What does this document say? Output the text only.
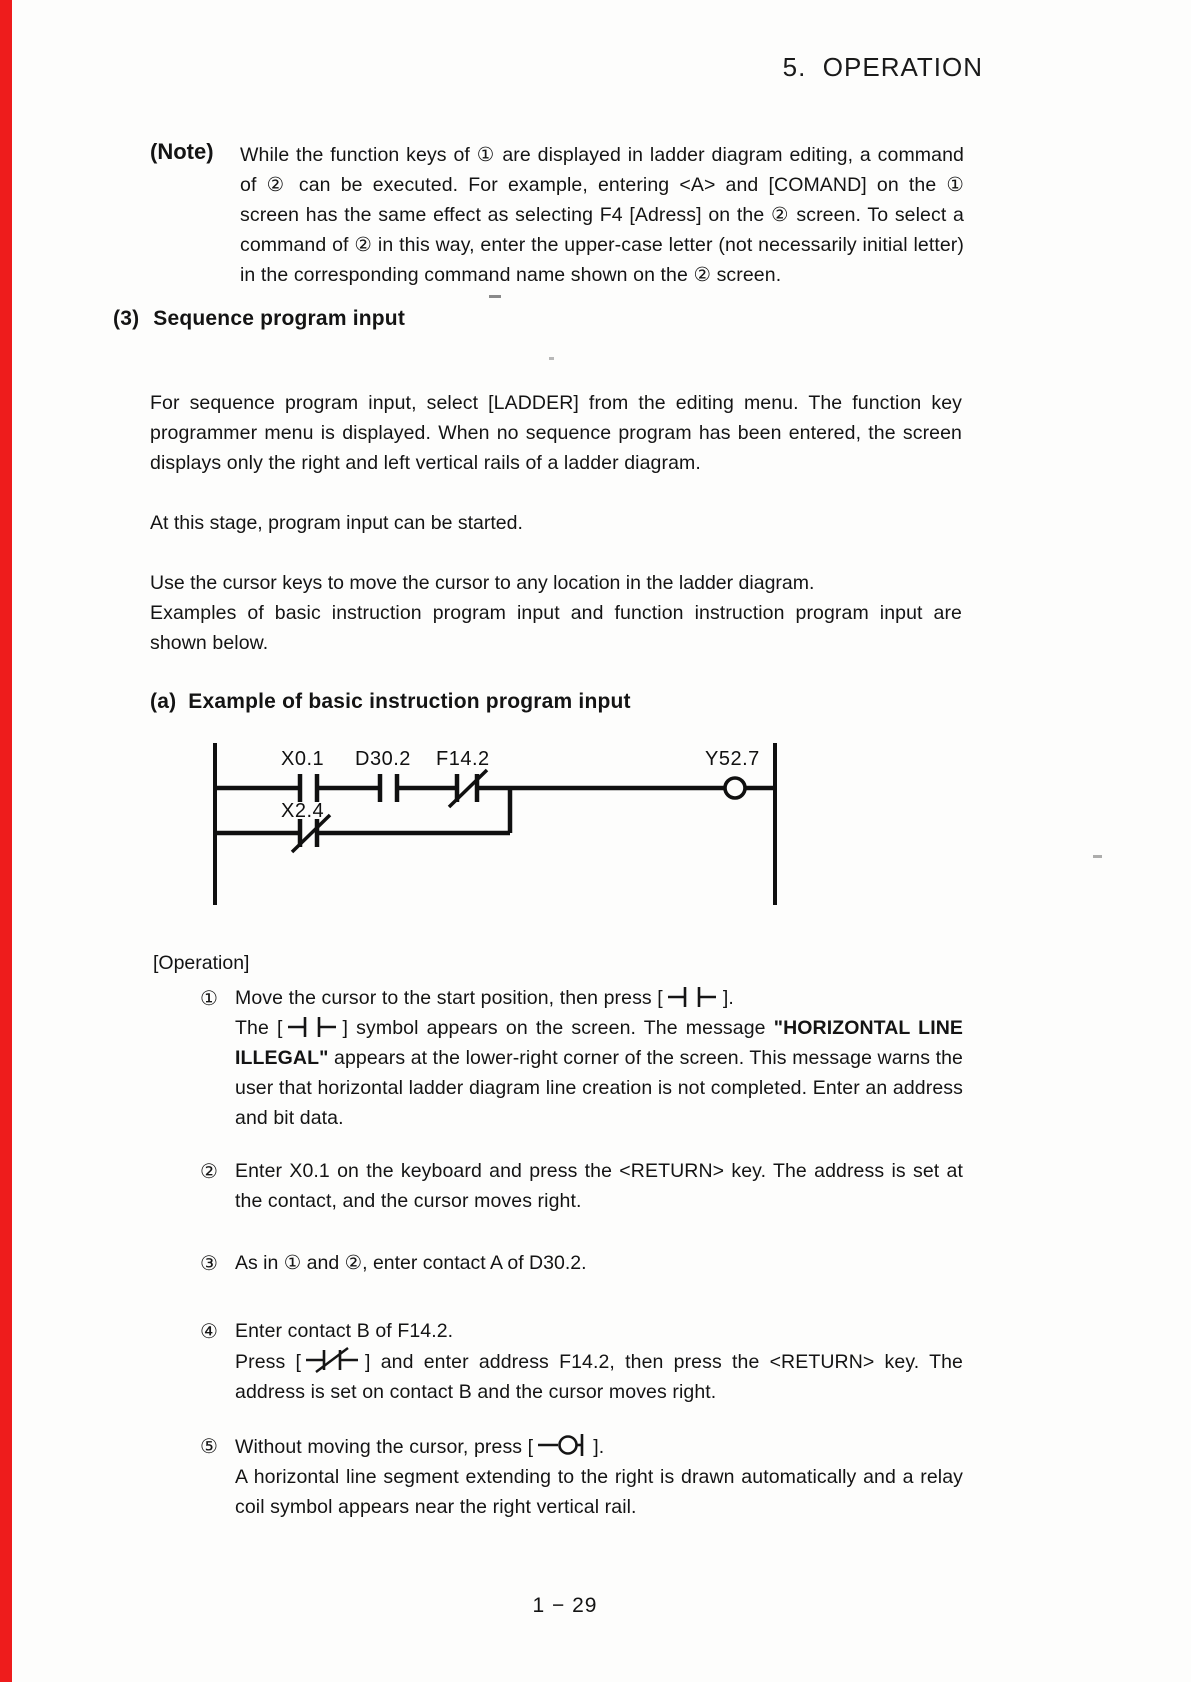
5.  OPERATION
(Note) While the function keys of ① are displayed in ladder diagram editing, a command of ② can be executed. For example, entering <A> and [COMAND] on the ① screen has the same effect as selecting F4 [Adress] on the ② screen. To select a command of ② in this way, enter the upper-case letter (not necessarily initial letter) in the corresponding command name shown on the ② screen.
(3) Sequence program input
For sequence program input, select [LADDER] from the editing menu. The function key programmer menu is displayed. When no sequence program has been entered, the screen displays only the right and left vertical rails of a ladder diagram.
At this stage, program input can be started.
Use the cursor keys to move the cursor to any location in the ladder diagram.
Examples of basic instruction program input and function instruction program input are shown below.
(a) Example of basic instruction program input
X0.1 D30.2 F14.2	Y52.7
X2.4
[Operation]
① Move the cursor to the start position, then press [	].
The [	] symbol appears on the screen. The message "HORIZONTAL LINE ILLEGAL" appears at the lower-right corner of the screen. This message warns the user that horizontal ladder diagram line creation is not completed. Enter an address and bit data.
② Enter X0.1 on the keyboard and press the <RETURN> key. The address is set at the contact, and the cursor moves right.
③ As in ① and ②, enter contact A of D30.2.
④ Enter contact B of F14.2.
Press [	] and enter address F14.2, then press the <RETURN> key. The address is set on contact B and the cursor moves right.
⑤ Without moving the cursor, press [	].
A horizontal line segment extending to the right is drawn automatically and a relay coil symbol appears near the right vertical rail.
1 − 29
